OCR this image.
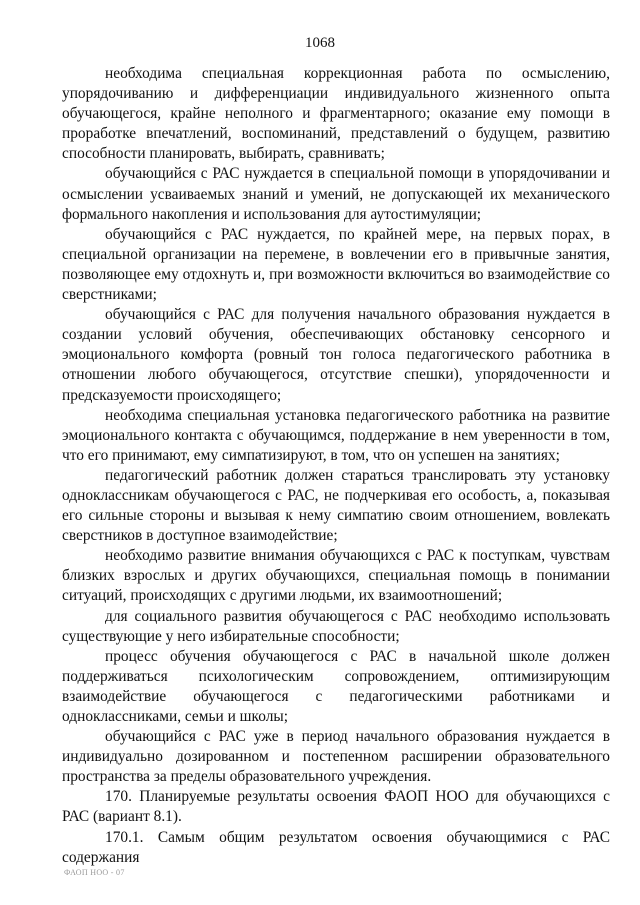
1068

необходима специальная коррекционная работа по осмыслению, упорядочиванию и дифференциации индивидуального жизненного опыта обучающегося, крайне неполного и фрагментарного; оказание ему помощи в проработке впечатлений, воспоминаний, представлений о будущем, развитию способности планировать, выбирать, сравнивать;

обучающийся с РАС нуждается в специальной помощи в упорядочивании и осмыслении усваиваемых знаний и умений, не допускающей их механического формального накопления и использования для аутостимуляции;

обучающийся с РАС нуждается, по крайней мере, на первых порах, в специальной организации на перемене, в вовлечении его в привычные занятия, позволяющее ему отдохнуть и, при возможности включиться во взаимодействие со сверстниками;

обучающийся с РАС для получения начального образования нуждается в создании условий обучения, обеспечивающих обстановку сенсорного и эмоционального комфорта (ровный тон голоса педагогического работника в отношении любого обучающегося, отсутствие спешки), упорядоченности и предсказуемости происходящего;

необходима специальная установка педагогического работника на развитие эмоционального контакта с обучающимся, поддержание в нем уверенности в том, что его принимают, ему симпатизируют, в том, что он успешен на занятиях;

педагогический работник должен стараться транслировать эту установку одноклассникам обучающегося с РАС, не подчеркивая его особость, а, показывая его сильные стороны и вызывая к нему симпатию своим отношением, вовлекать сверстников в доступное взаимодействие;

необходимо развитие внимания обучающихся с РАС к поступкам, чувствам близких взрослых и других обучающихся, специальная помощь в понимании ситуаций, происходящих с другими людьми, их взаимоотношений;

для социального развития обучающегося с РАС необходимо использовать существующие у него избирательные способности;

процесс обучения обучающегося с РАС в начальной школе должен поддерживаться психологическим сопровождением, оптимизирующим взаимодействие обучающегося с педагогическими работниками и одноклассниками, семьи и школы;

обучающийся с РАС уже в период начального образования нуждается в индивидуально дозированном и постепенном расширении образовательного пространства за пределы образовательного учреждения.

170. Планируемые результаты освоения ФАОП НОО для обучающихся с РАС (вариант 8.1).

170.1. Самым общим результатом освоения обучающимися с РАС содержания

ФАОП НОО - 07
